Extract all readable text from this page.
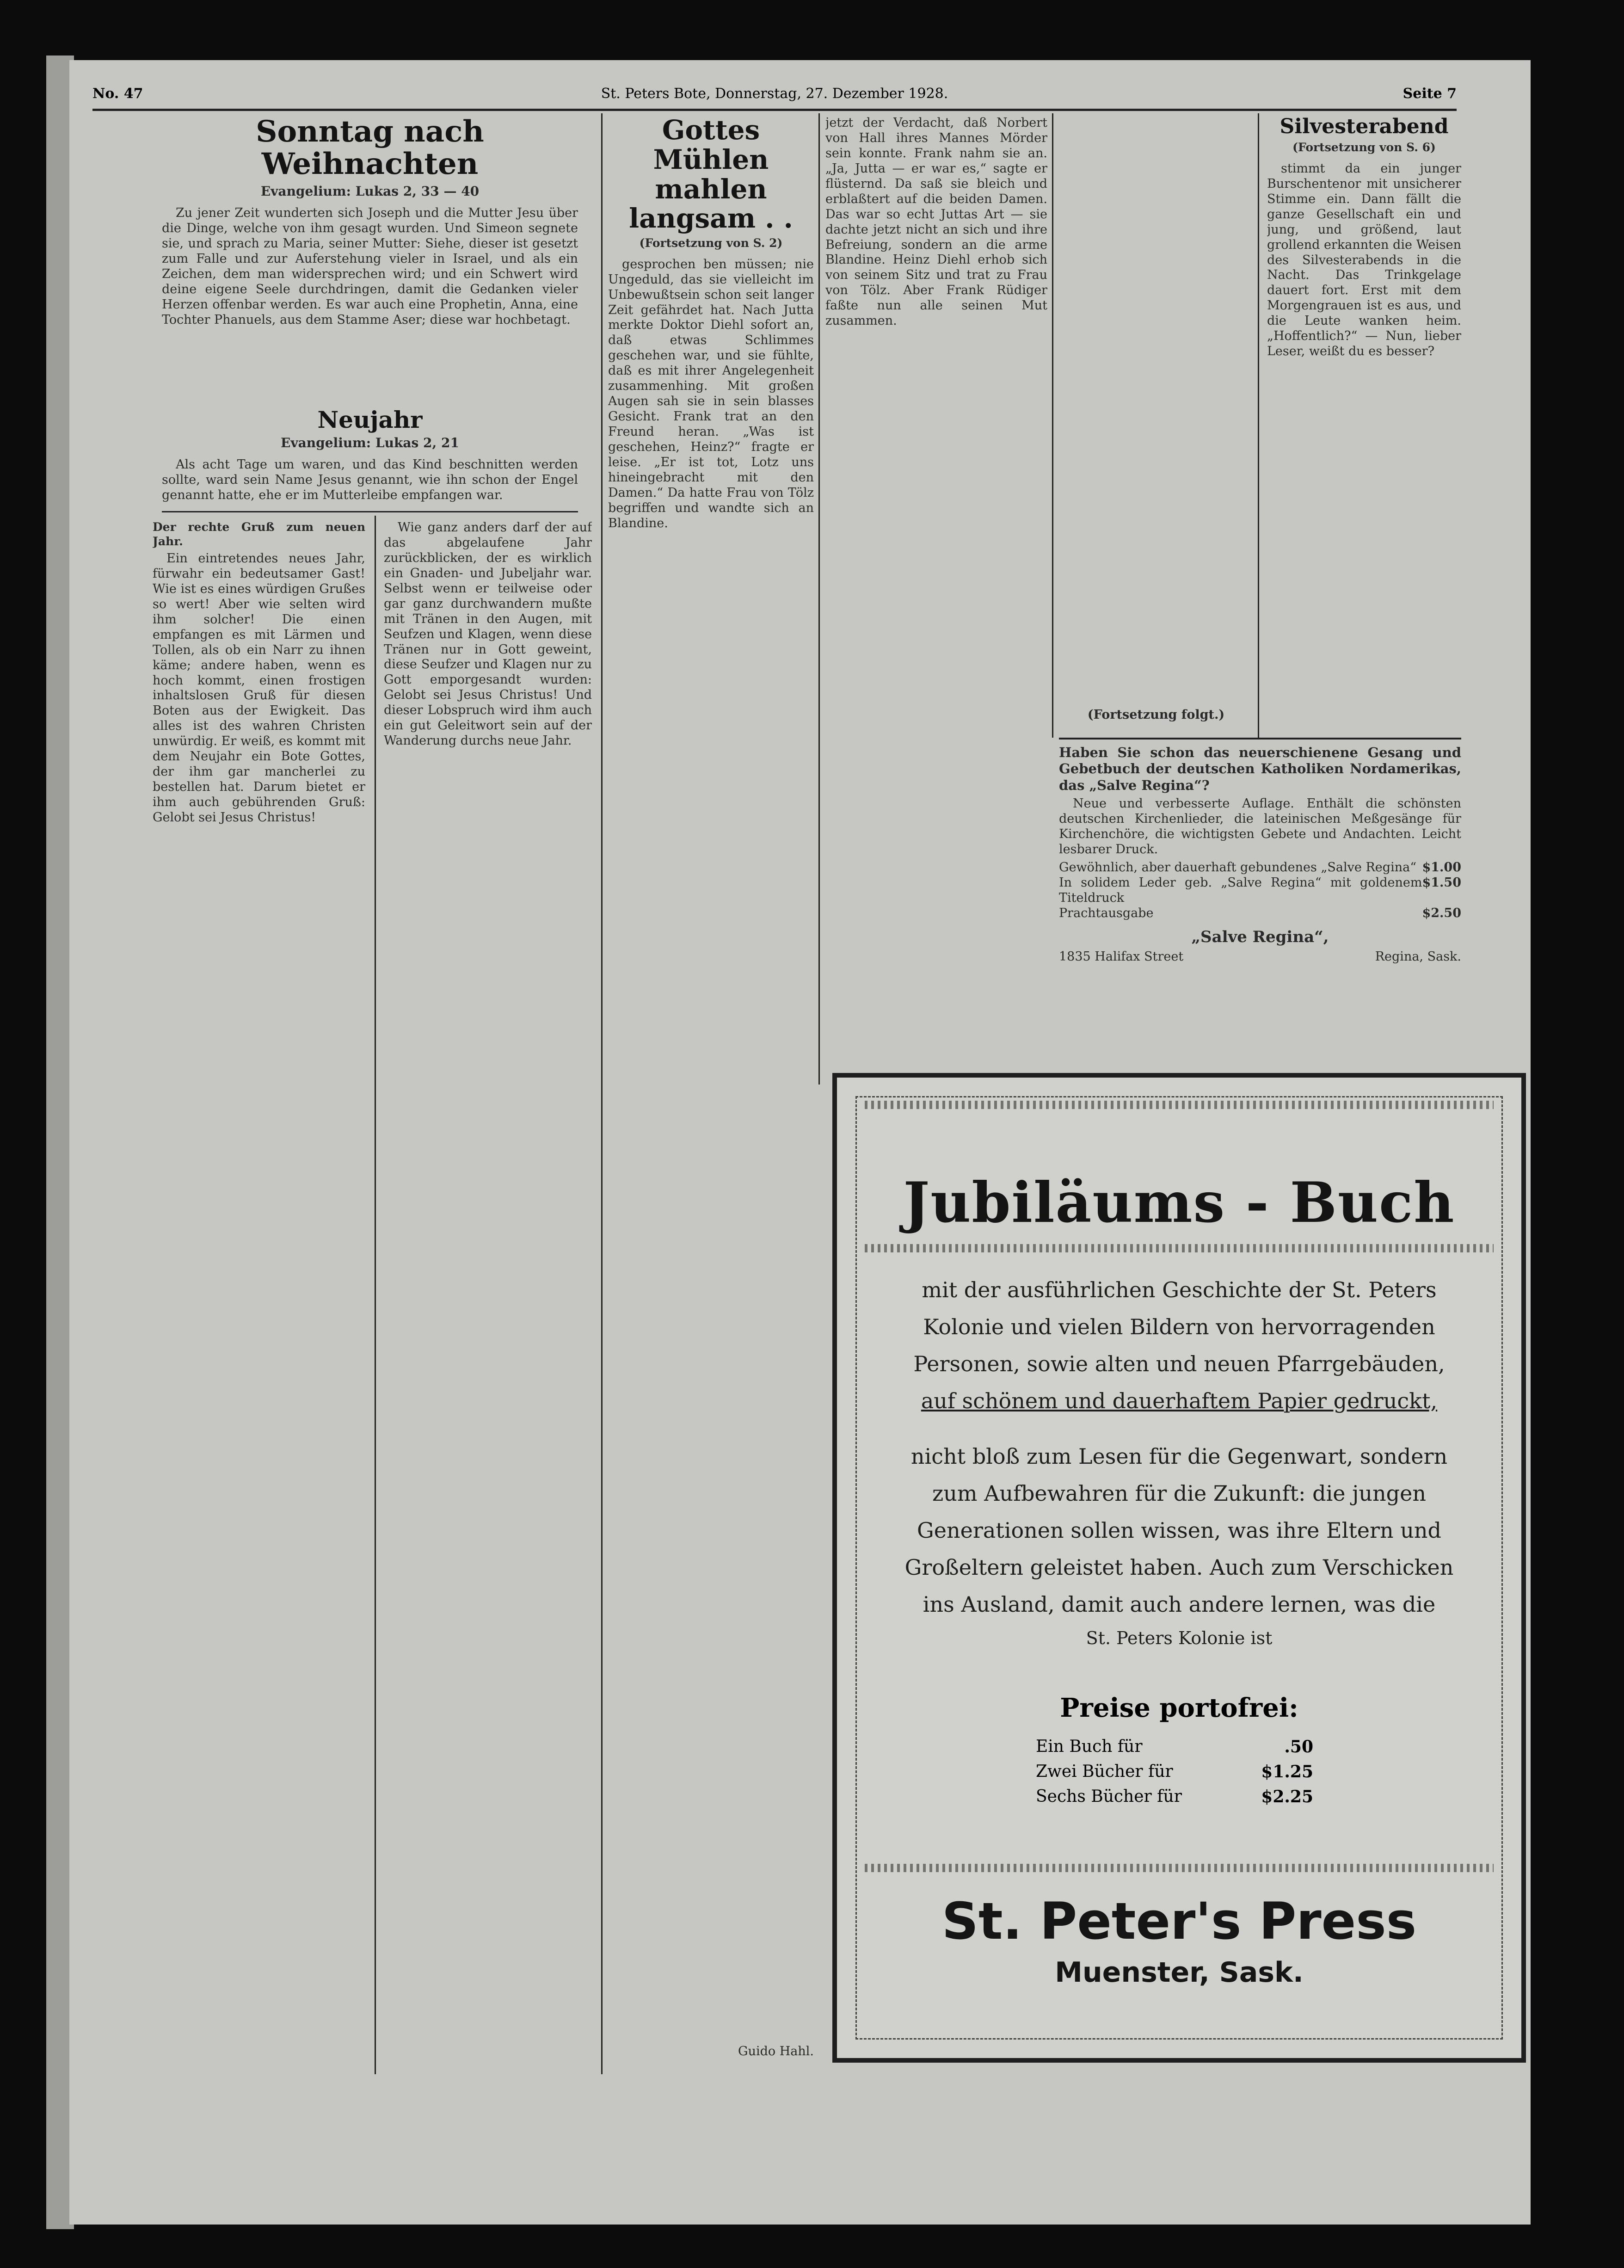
No. 47	St. Peters Bote, Donnerstag, 27. Dezember 1928.	Seite 7
Sonntag nach Weihnachten
Evangelium: Lukas 2, 33 — 40

Zu jener Zeit wunderten sich Joseph und die Mutter Jesu über die Dinge, welche von ihm gesagt wurden. Und Simeon segnete sie, und sprach zu Maria, seiner Mutter: Siehe, dieser ist gesetzt zum Falle und zur Auferstehung vieler in Israel, und als ein Zeichen, dem man widersprechen wird; und ein Schwert wird deine eigene Seele durchdringen, damit die Gedanken vieler Herzen offenbar werden. Es war auch eine Prophetin, Anna, eine Tochter Phanuels, aus dem Stamme Aser; diese war hochbetagt.

Neujahr
Evangelium: Lukas 2, 21

Als acht Tage um waren, und das Kind beschnitten werden sollte, ward sein Name Jesus genannt, wie ihn schon der Engel genannt hatte, ehe er im Mutterleibe empfangen war.

Der rechte Gruß zum neuen Jahr.

Ein eintretendes neues Jahr, fürwahr ein bedeutsamer Gast! Wie ist es eines würdigen Grußes so wert! Aber wie selten wird ihm solcher! Die einen empfangen es mit Lärmen und Tollen, als ob ein Narr zu ihnen käme; andere haben, wenn es hoch kommt, einen frostigen inhaltslosen Gruß für diesen Boten aus der Ewigkeit. Das alles ist des wahren Christen unwürdig. Er weiß, es kommt mit dem Neujahr ein Bote Gottes, der ihm gar mancherlei zu bestellen hat. Darum bietet er ihm auch gebührenden Gruß: Gelobt sei Jesus Christus!

Wie ganz anders darf der auf das abgelaufene Jahr zurückblicken, der es wirklich ein Gnaden- und Jubeljahr war. Selbst wenn er teilweise oder gar ganz durchwandern mußte mit Tränen in den Augen, mit Seufzen und Klagen, wenn diese Tränen nur in Gott geweint, diese Seufzer und Klagen nur zu Gott emporgesandt wurden: Gelobt sei Jesus Christus! Und dieser Lobspruch wird ihm auch ein gut Geleitwort sein auf der Wanderung durchs neue Jahr.

Gottes Mühlen mahlen langsam . .
(Fortsetzung von S. 2)

gesprochen ben müssen; nie Ungeduld, das sie vielleicht im Unbewußtsein schon seit langer Zeit gefährdet hat. Nach Jutta merkte Doktor Diehl sofort an, daß etwas Schlimmes geschehen war, und sie fühlte, daß es mit ihrer Angelegenheit zusammenhing. Mit großen Augen sah sie in sein blasses Gesicht. Frank trat an den Freund heran. „Was ist geschehen, Heinz?“ fragte er leise. „Er ist tot, Lotz uns hineingebracht mit den Damen.“ Da hatte Frau von Tölz begriffen und wandte sich an Blandine.

Guido Hahl.

jetzt der Verdacht, daß Norbert von Hall ihres Mannes Mörder sein konnte. Frank nahm sie an. „Ja, Jutta — er war es,“ sagte er flüsternd. Da saß sie bleich und erblaßtert auf die beiden Damen. Das war so echt Juttas Art — sie dachte jetzt nicht an sich und ihre Befreiung, sondern an die arme Blandine. Heinz Diehl erhob sich von seinem Sitz und trat zu Frau von Tölz. Aber Frank Rüdiger faßte nun alle seinen Mut zusammen.

(Fortsetzung folgt.)

Silvesterabend
(Fortsetzung von S. 6)

stimmt da ein junger Burschentenor mit unsicherer Stimme ein. Dann fällt die ganze Gesellschaft ein und jung, und größend, laut grollend erkannten die Weisen des Silvesterabends in die Nacht. Das Trinkgelage dauert fort. Erst mit dem Morgengrauen ist es aus, und die Leute wanken heim. „Hoffentlich?“ — Nun, lieber Leser, weißt du es besser?

Haben Sie schon das neuerschienene Gesang und Gebetbuch der deutschen Katholiken Nordamerikas, das „Salve Regina“?

Neue und verbesserte Auflage. Enthält die schönsten deutschen Kirchenlieder, die lateinischen Meßgesänge für Kirchenchöre, die wichtigsten Gebete und Andachten. Leicht lesbarer Druck.

Gewöhnlich, aber dauerhaft gebundenes „Salve Regina“ $1.00
In solidem Leder geb. „Salve Regina“ mit goldenem Titeldruck
$1.50
Prachtausgabe	$2.50

„Salve Regina“,

1835 Halifax Street	Regina, Sask.
Jubiläums - Buch
mit der ausführlichen Geschichte der St. Peters
Kolonie und vielen Bildern von hervorragenden
Personen, sowie alten und neuen Pfarrgebäuden,
auf schönem und dauerhaftem Papier gedruckt,
nicht bloß zum Lesen für die Gegenwart, sondern
zum Aufbewahren für die Zukunft: die jungen
Generationen sollen wissen, was ihre Eltern und
Großeltern geleistet haben. Auch zum Verschicken
ins Ausland, damit auch andere lernen, was die
St. Peters Kolonie ist
Preise portofrei:
Ein Buch für	.50
Zwei Bücher für	$1.25
Sechs Bücher für	$2.25
St. Peter's Press
Muenster, Sask.
